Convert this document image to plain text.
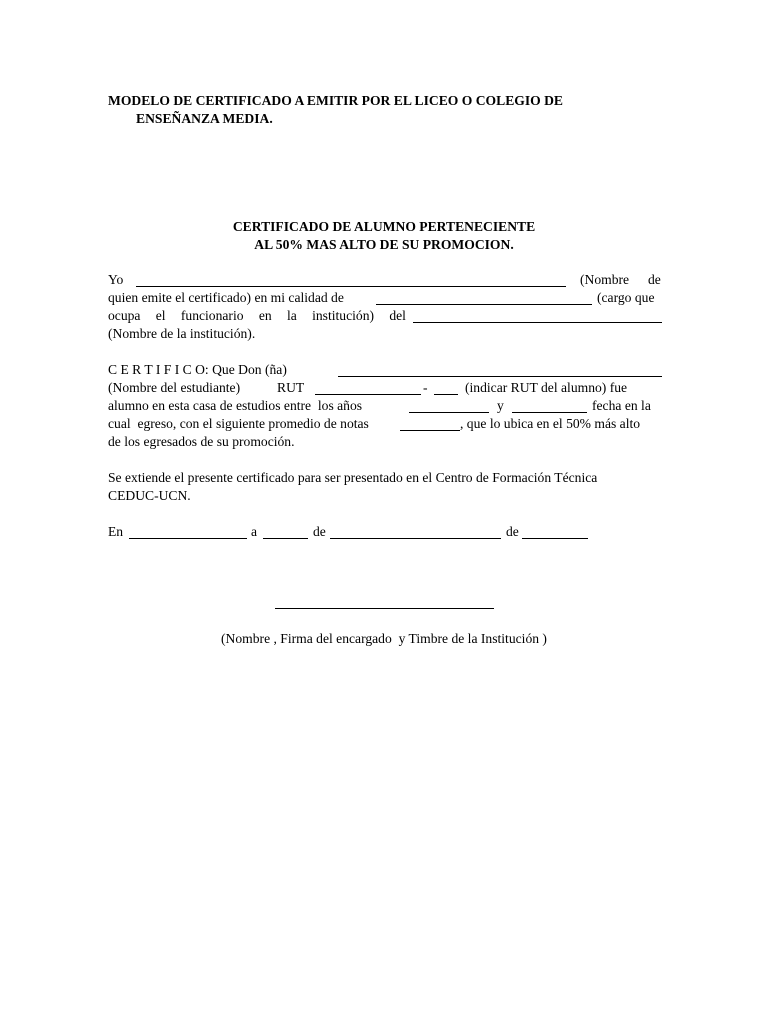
MODELO DE CERTIFICADO A EMITIR POR EL LICEO O COLEGIO DE
ENSEÑANZA MEDIA.
CERTIFICADO DE ALUMNO PERTENECIENTE
AL 50% MAS ALTO DE SU PROMOCION.
Yo	(Nombre de
quien emite el certificado) en mi calidad de	(cargo que
ocupa el funcionario en la institución) del
(Nombre de la institución).
C E R T I F I C O: Que Don (ña)
(Nombre del estudiante)	RUT	-	(indicar RUT del alumno) fue
alumno en esta casa de estudios entre  los años	y	fecha en la
cual  egreso, con el siguiente promedio de notas	, que lo ubica en el 50% más alto
de los egresados de su promoción.
Se extiende el presente certificado para ser presentado en el Centro de Formación Técnica
CEDUC-UCN.
En	a	de	de
(Nombre , Firma del encargado  y Timbre de la Institución )
